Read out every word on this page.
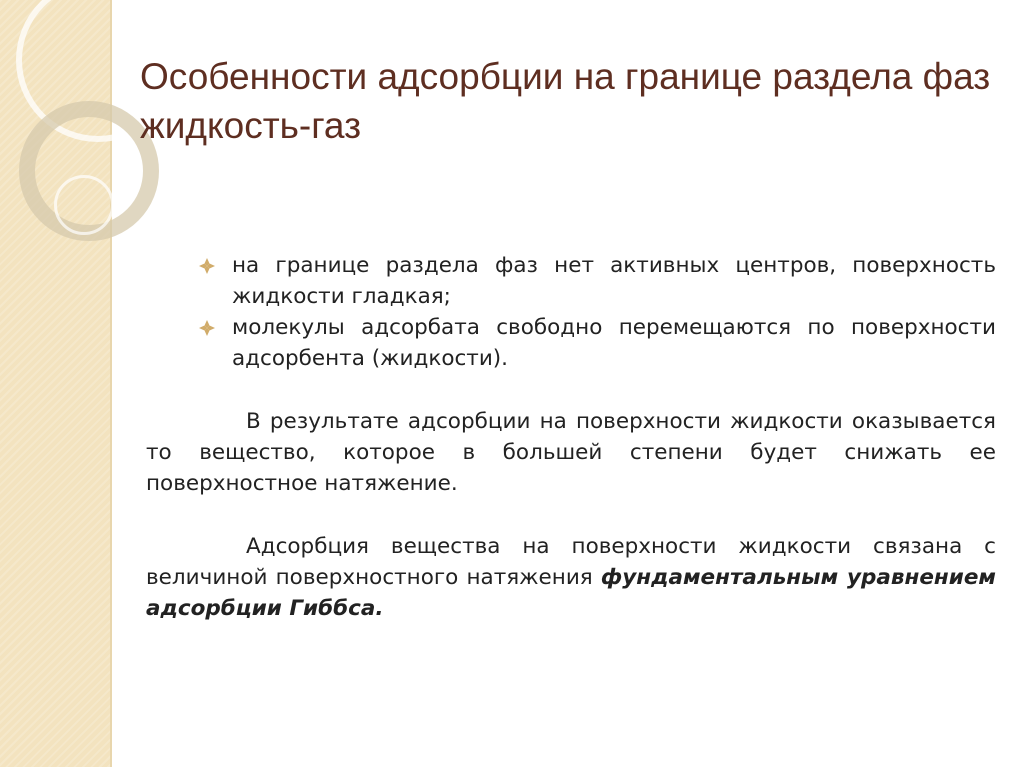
Особенности адсорбции на границе раздела фаз жидкость-газ
на границе раздела фаз нет активных центров, поверхность жидкости гладкая;
молекулы адсорбата свободно перемещаются по поверхности адсорбента (жидкости).

В результате адсорбции на поверхности жидкости оказывается то вещество, которое в большей степени будет снижать ее поверхностное натяжение.

Адсорбция вещества на поверхности жидкости связана с величиной поверхностного натяжения фундаментальным уравнением адсорбции Гиббса.
